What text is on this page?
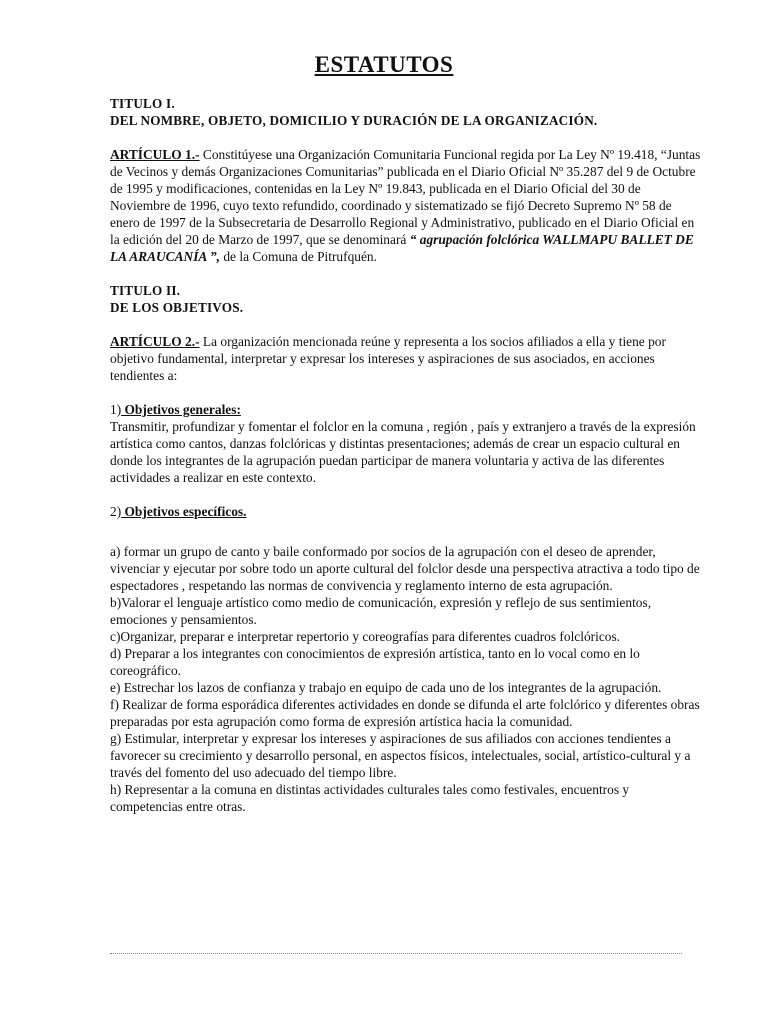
ESTATUTOS

TITULO I.

DEL NOMBRE, OBJETO, DOMICILIO Y DURACIÓN DE LA ORGANIZACIÓN.

ARTÍCULO 1.- Constitúyese una Organización Comunitaria Funcional regida por La Ley Nº 19.418, “Juntas de Vecinos y demás Organizaciones Comunitarias” publicada en el Diario Oficial Nº 35.287 del 9 de Octubre de 1995 y modificaciones, contenidas en la Ley Nº 19.843, publicada en el Diario Oficial del 30 de Noviembre de 1996, cuyo texto refundido, coordinado y sistematizado se fijó Decreto Supremo Nº 58 de enero de 1997 de la Subsecretaria de Desarrollo Regional y Administrativo, publicado en el Diario Oficial en la edición del 20 de Marzo de 1997, que se denominará “ agrupación folclórica WALLMAPU BALLET DE LA ARAUCANÍA ”, de la Comuna de Pitrufquén.

TITULO II.

DE LOS OBJETIVOS.

ARTÍCULO 2.- La organización mencionada reúne y representa a los socios afiliados a ella y tiene por objetivo fundamental, interpretar y expresar los intereses y aspiraciones de sus asociados, en acciones tendientes a:

1) Objetivos generales:

Transmitir, profundizar y fomentar el folclor en la comuna , región , país y extranjero a través de la expresión artística como cantos, danzas folclóricas y distintas presentaciones; además de crear un espacio cultural en donde los integrantes de la agrupación puedan participar de manera voluntaria y activa de las diferentes actividades a realizar en este contexto.

2) Objetivos específicos.

a) formar un grupo de canto y baile conformado por socios de la agrupación con el deseo de aprender, vivenciar y ejecutar por sobre todo un aporte cultural del folclor desde una perspectiva atractiva a todo tipo de espectadores , respetando las normas de convivencia y reglamento interno de esta agrupación.

b)Valorar el lenguaje artístico como medio de comunicación, expresión y reflejo de sus sentimientos, emociones y pensamientos.

c)Organizar, preparar e interpretar repertorio y coreografías para diferentes cuadros folclóricos.

d) Preparar a los integrantes con conocimientos de expresión artística, tanto en lo vocal como en lo coreográfico.

e) Estrechar los lazos de confianza y trabajo en equipo de cada uno de los integrantes de la agrupación.

f) Realizar de forma esporádica diferentes actividades en donde se difunda el arte folclórico y diferentes obras preparadas por esta agrupación como forma de expresión artística hacia la comunidad.

g) Estimular, interpretar y expresar los intereses y aspiraciones de sus afiliados con acciones tendientes a favorecer su crecimiento y desarrollo personal, en aspectos físicos, intelectuales, social, artístico-cultural y a través del fomento del uso adecuado del tiempo libre.

h) Representar a la comuna en distintas actividades culturales tales como festivales, encuentros y competencias entre otras.
